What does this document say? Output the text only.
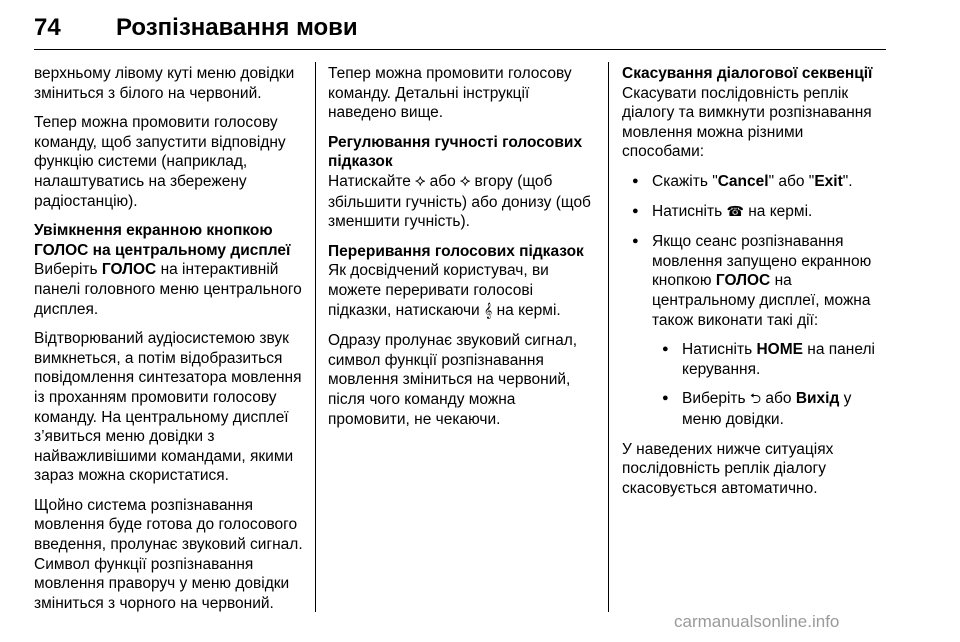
74 Розпізнавання мови

верхньому лівому куті меню довідки зміниться з білого на червоний.

Тепер можна промовити голосову команду, щоб запустити відповідну функцію системи (наприклад, налаштуватись на збережену радіостанцію).

Увімкнення екранною кнопкою ГОЛОС на центральному дисплеї

Виберіть ГОЛОС на інтерактивній панелі головного меню центрального дисплея.

Відтворюваний аудіосистемою звук вимкнеться, а потім відобразиться повідомлення синтезатора мовлення із проханням промовити голосову команду. На центральному дисплеї з’явиться меню довідки з найважливішими командами, якими зараз можна скористатися.

Щойно система розпізнавання мовлення буде готова до голосового введення, пролунає звуковий сигнал. Символ функції розпізнавання мовлення праворуч у меню довідки зміниться з чорного на червоний.

Тепер можна промовити голосову команду. Детальні інструкції наведено вище.

Регулювання гучності голосових підказок

Натискайте ⯎ або ⯎ вгору (щоб збільшити гучність) або донизу (щоб зменшити гучність).

Переривання голосових підказок

Як досвідчений користувач, ви можете переривати голосові підказки, натискаючи 𝄞 на кермі.

Одразу пролунає звуковий сигнал, символ функції розпізнавання мовлення зміниться на червоний, після чого команду можна промовити, не чекаючи.

Скасування діалогової секвенції

Скасувати послідовність реплік діалогу та вимкнути розпізнавання мовлення можна різними способами:

● Скажіть "Cancel" або "Exit".
● Натисніть ☎ на кермі.
● Якщо сеанс розпізнавання мовлення запущено екранною кнопкою ГОЛОС на центральному дисплеї, можна також виконати такі дії:
● Натисніть HOME на панелі керування.
● Виберіть ⮌ або Вихід у меню довідки.

У наведених нижче ситуаціях послідовність реплік діалогу скасовується автоматично.

carmanualsonline.info
